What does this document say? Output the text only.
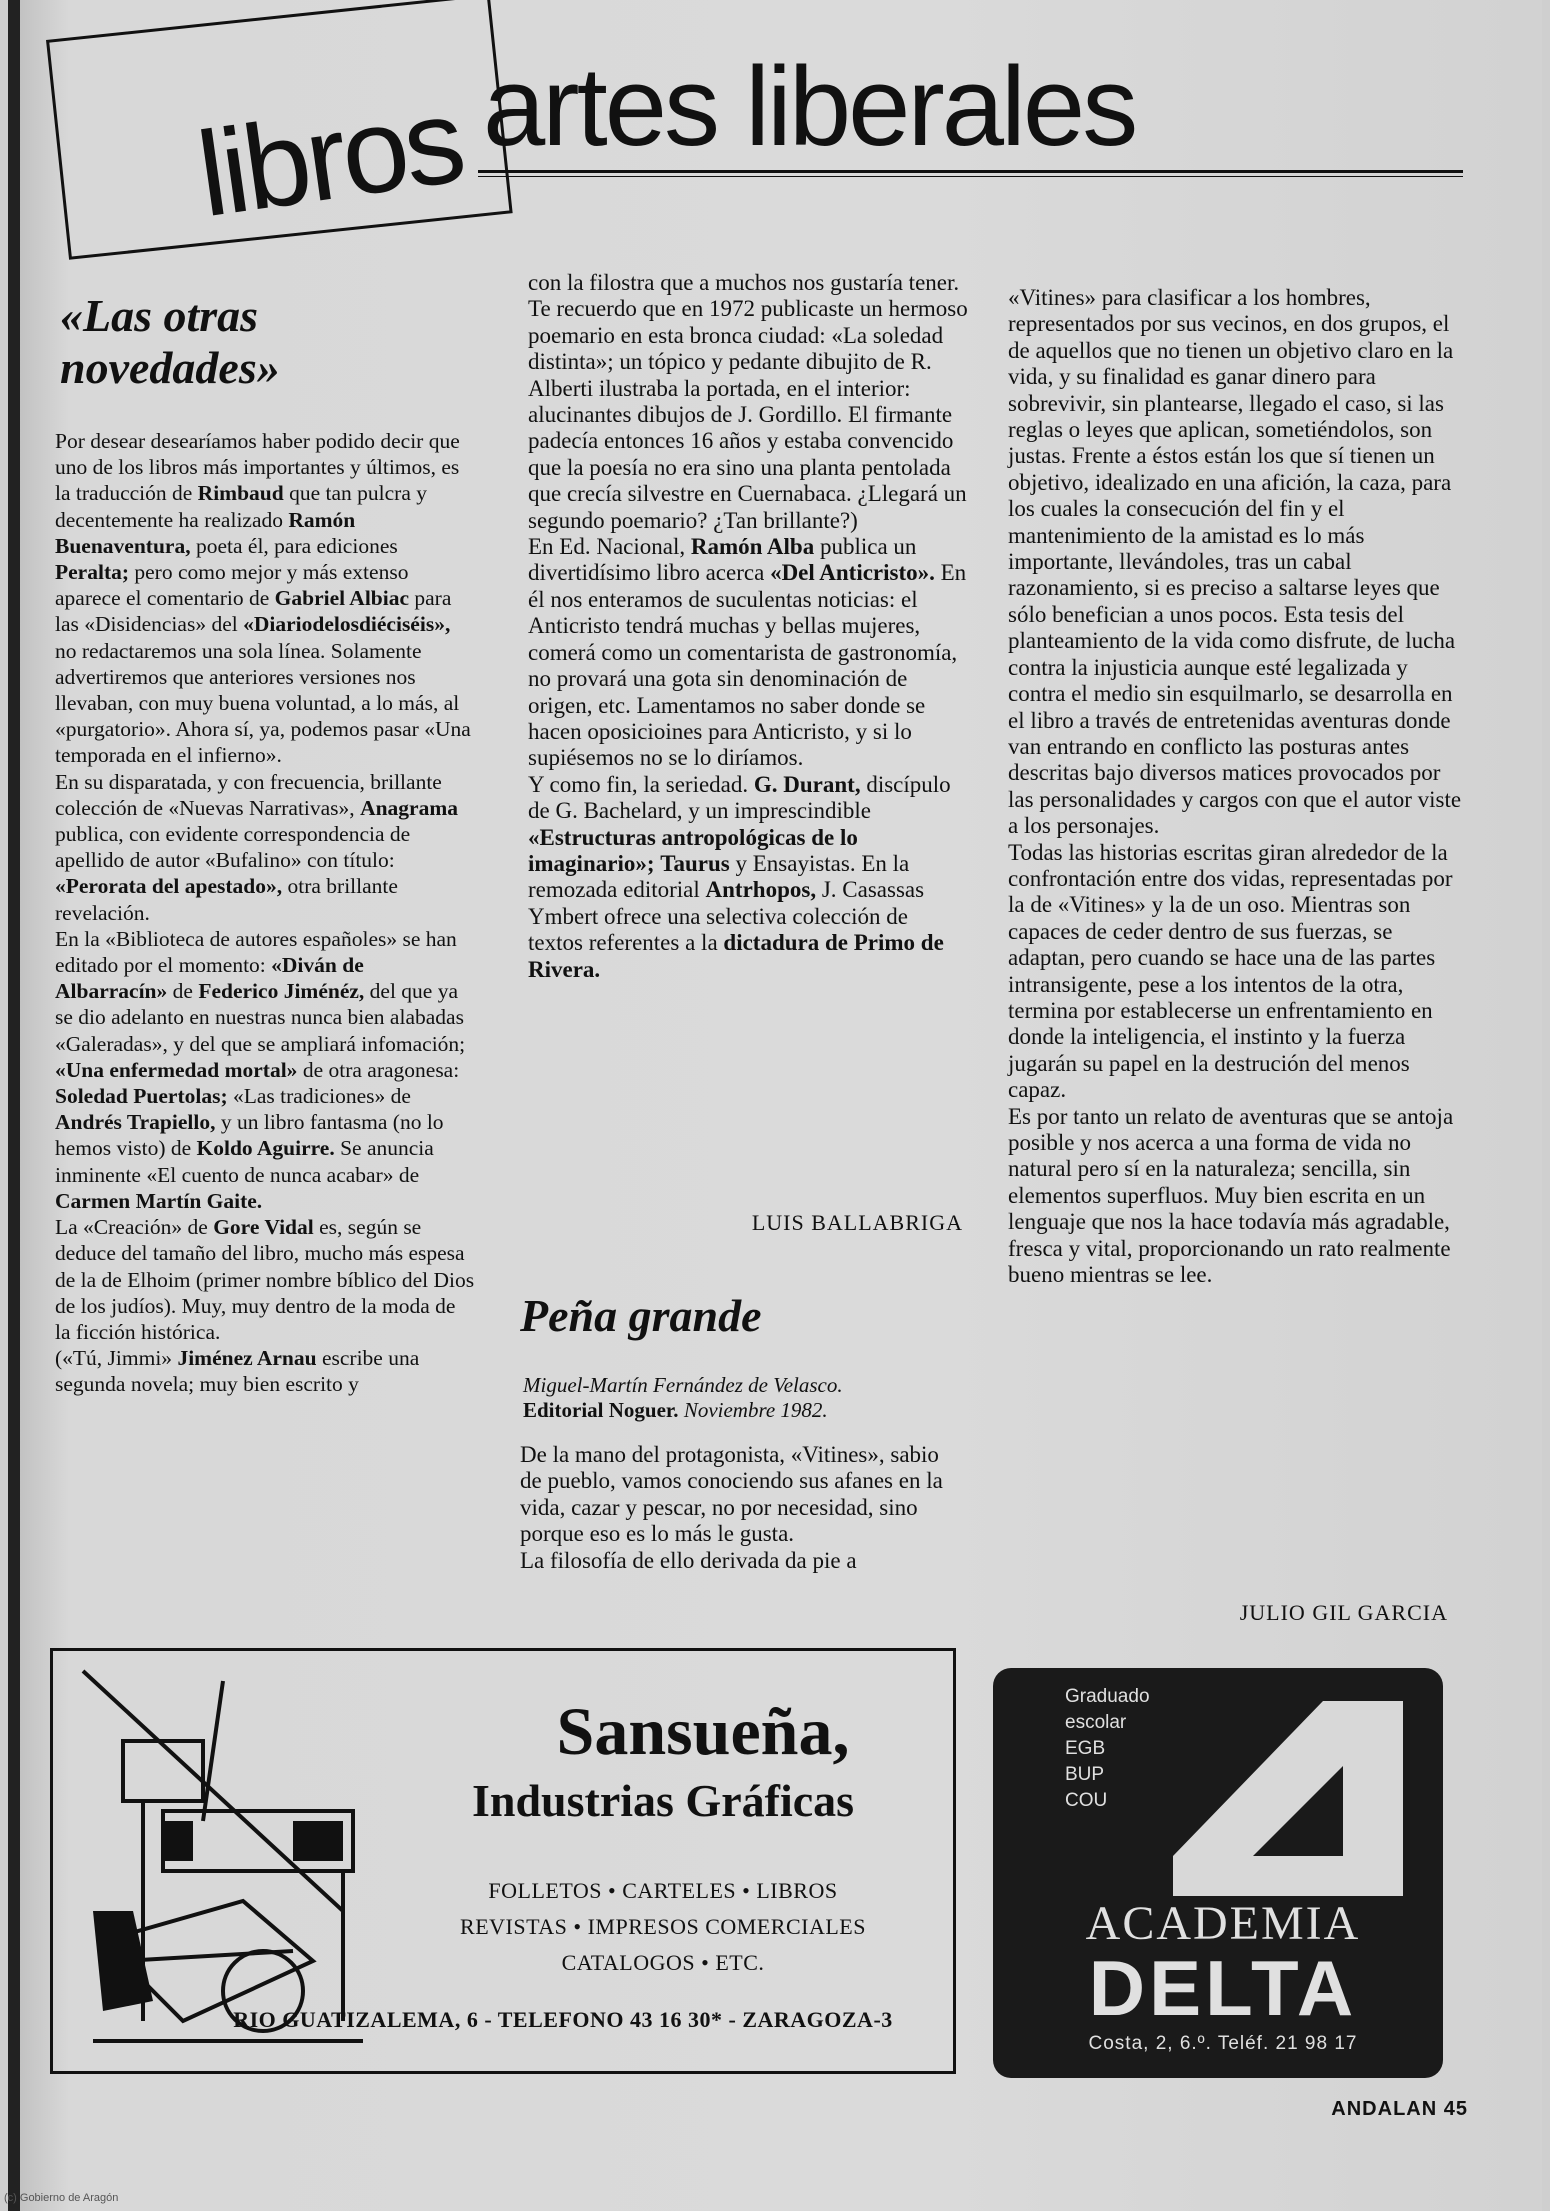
libros artes liberales
«Las otras novedades»

Por desear desearíamos haber podido decir que uno de los libros más importantes y últimos, es la traducción de Rimbaud que tan pulcra y decentemente ha realizado Ramón Buenaventura, poeta él, para ediciones Peralta; pero como mejor y más extenso aparece el comentario de Gabriel Albiac para las «Disidencias» del «Diariodelosdiéciséis», no redactaremos una sola línea. Solamente advertiremos que anteriores versiones nos llevaban, con muy buena voluntad, a lo más, al «purgatorio». Ahora sí, ya, podemos pasar «Una temporada en el infierno».

En su disparatada, y con frecuencia, brillante colección de «Nuevas Narrativas», Anagrama publica, con evidente correspondencia de apellido de autor «Bufalino» con título: «Perorata del apestado», otra brillante revelación.

En la «Biblioteca de autores españoles» se han editado por el momento: «Diván de Albarracín» de Federico Jiménéz, del que ya se dio adelanto en nuestras nunca bien alabadas «Galeradas», y del que se ampliará infomación; «Una enfermedad mortal» de otra aragonesa: Soledad Puertolas; «Las tradiciones» de Andrés Trapiello, y un libro fantasma (no lo hemos visto) de Koldo Aguirre. Se anuncia inminente «El cuento de nunca acabar» de Carmen Martín Gaite.

La «Creación» de Gore Vidal es, según se deduce del tamaño del libro, mucho más espesa de la de Elhoim (primer nombre bíblico del Dios de los judíos). Muy, muy dentro de la moda de la ficción histórica.

(«Tú, Jimmi» Jiménez Arnau escribe una segunda novela; muy bien escrito y

con la filostra que a muchos nos gustaría tener. Te recuerdo que en 1972 publicaste un hermoso poemario en esta bronca ciudad: «La soledad distinta»; un tópico y pedante dibujito de R. Alberti ilustraba la portada, en el interior: alucinantes dibujos de J. Gordillo. El firmante padecía entonces 16 años y estaba convencido que la poesía no era sino una planta pentolada que crecía silvestre en Cuernabaca. ¿Llegará un segundo poemario? ¿Tan brillante?)

En Ed. Nacional, Ramón Alba publica un divertidísimo libro acerca «Del Anticristo». En él nos enteramos de suculentas noticias: el Anticristo tendrá muchas y bellas mujeres, comerá como un comentarista de gastronomía, no provará una gota sin denominación de origen, etc. Lamentamos no saber donde se hacen oposicioines para Anticristo, y si lo supiésemos no se lo diríamos.

Y como fin, la seriedad. G. Durant, discípulo de G. Bachelard, y un imprescindible «Estructuras antropológicas de lo imaginario»; Taurus y Ensayistas. En la remozada editorial Antrhopos, J. Casassas Ymbert ofrece una selectiva colección de textos referentes a la dictadura de Primo de Rivera.

LUIS BALLABRIGA
Peña grande
Miguel-Martín Fernández de Velasco.
Editorial Noguer. Noviembre 1982.

De la mano del protagonista, «Vitines», sabio de pueblo, vamos conociendo sus afanes en la vida, cazar y pescar, no por necesidad, sino porque eso es lo más le gusta.

La filosofía de ello derivada da pie a

«Vitines» para clasificar a los hombres, representados por sus vecinos, en dos grupos, el de aquellos que no tienen un objetivo claro en la vida, y su finalidad es ganar dinero para sobrevivir, sin plantearse, llegado el caso, si las reglas o leyes que aplican, sometiéndolos, son justas. Frente a éstos están los que sí tienen un objetivo, idealizado en una afición, la caza, para los cuales la consecución del fin y el mantenimiento de la amistad es lo más importante, llevándoles, tras un cabal razonamiento, si es preciso a saltarse leyes que sólo benefician a unos pocos. Esta tesis del planteamiento de la vida como disfrute, de lucha contra la injusticia aunque esté legalizada y contra el medio sin esquilmarlo, se desarrolla en el libro a través de entretenidas aventuras donde van entrando en conflicto las posturas antes descritas bajo diversos matices provocados por las personalidades y cargos con que el autor viste a los personajes.

Todas las historias escritas giran alrededor de la confrontación entre dos vidas, representadas por la de «Vitines» y la de un oso. Mientras son capaces de ceder dentro de sus fuerzas, se adaptan, pero cuando se hace una de las partes intransigente, pese a los intentos de la otra, termina por establecerse un enfrentamiento en donde la inteligencia, el instinto y la fuerza jugarán su papel en la destrución del menos capaz.

Es por tanto un relato de aventuras que se antoja posible y nos acerca a una forma de vida no natural pero sí en la naturaleza; sencilla, sin elementos superfluos. Muy bien escrita en un lenguaje que nos la hace todavía más agradable, fresca y vital, proporcionando un rato realmente bueno mientras se lee.

JULIO GIL GARCIA
Sansueña,
Industrias Gráficas
FOLLETOS • CARTELES • LIBROS
REVISTAS • IMPRESOS COMERCIALES
CATALOGOS • ETC.
RIO GUATIZALEMA, 6 - TELEFONO 43 16 30* - ZARAGOZA-3
Graduado
escolar
EGB
BUP
COU
ACADEMIA
DELTA
Costa, 2, 6.º. Teléf. 21 98 17
ANDALAN 45
(c) Gobierno de Aragón
